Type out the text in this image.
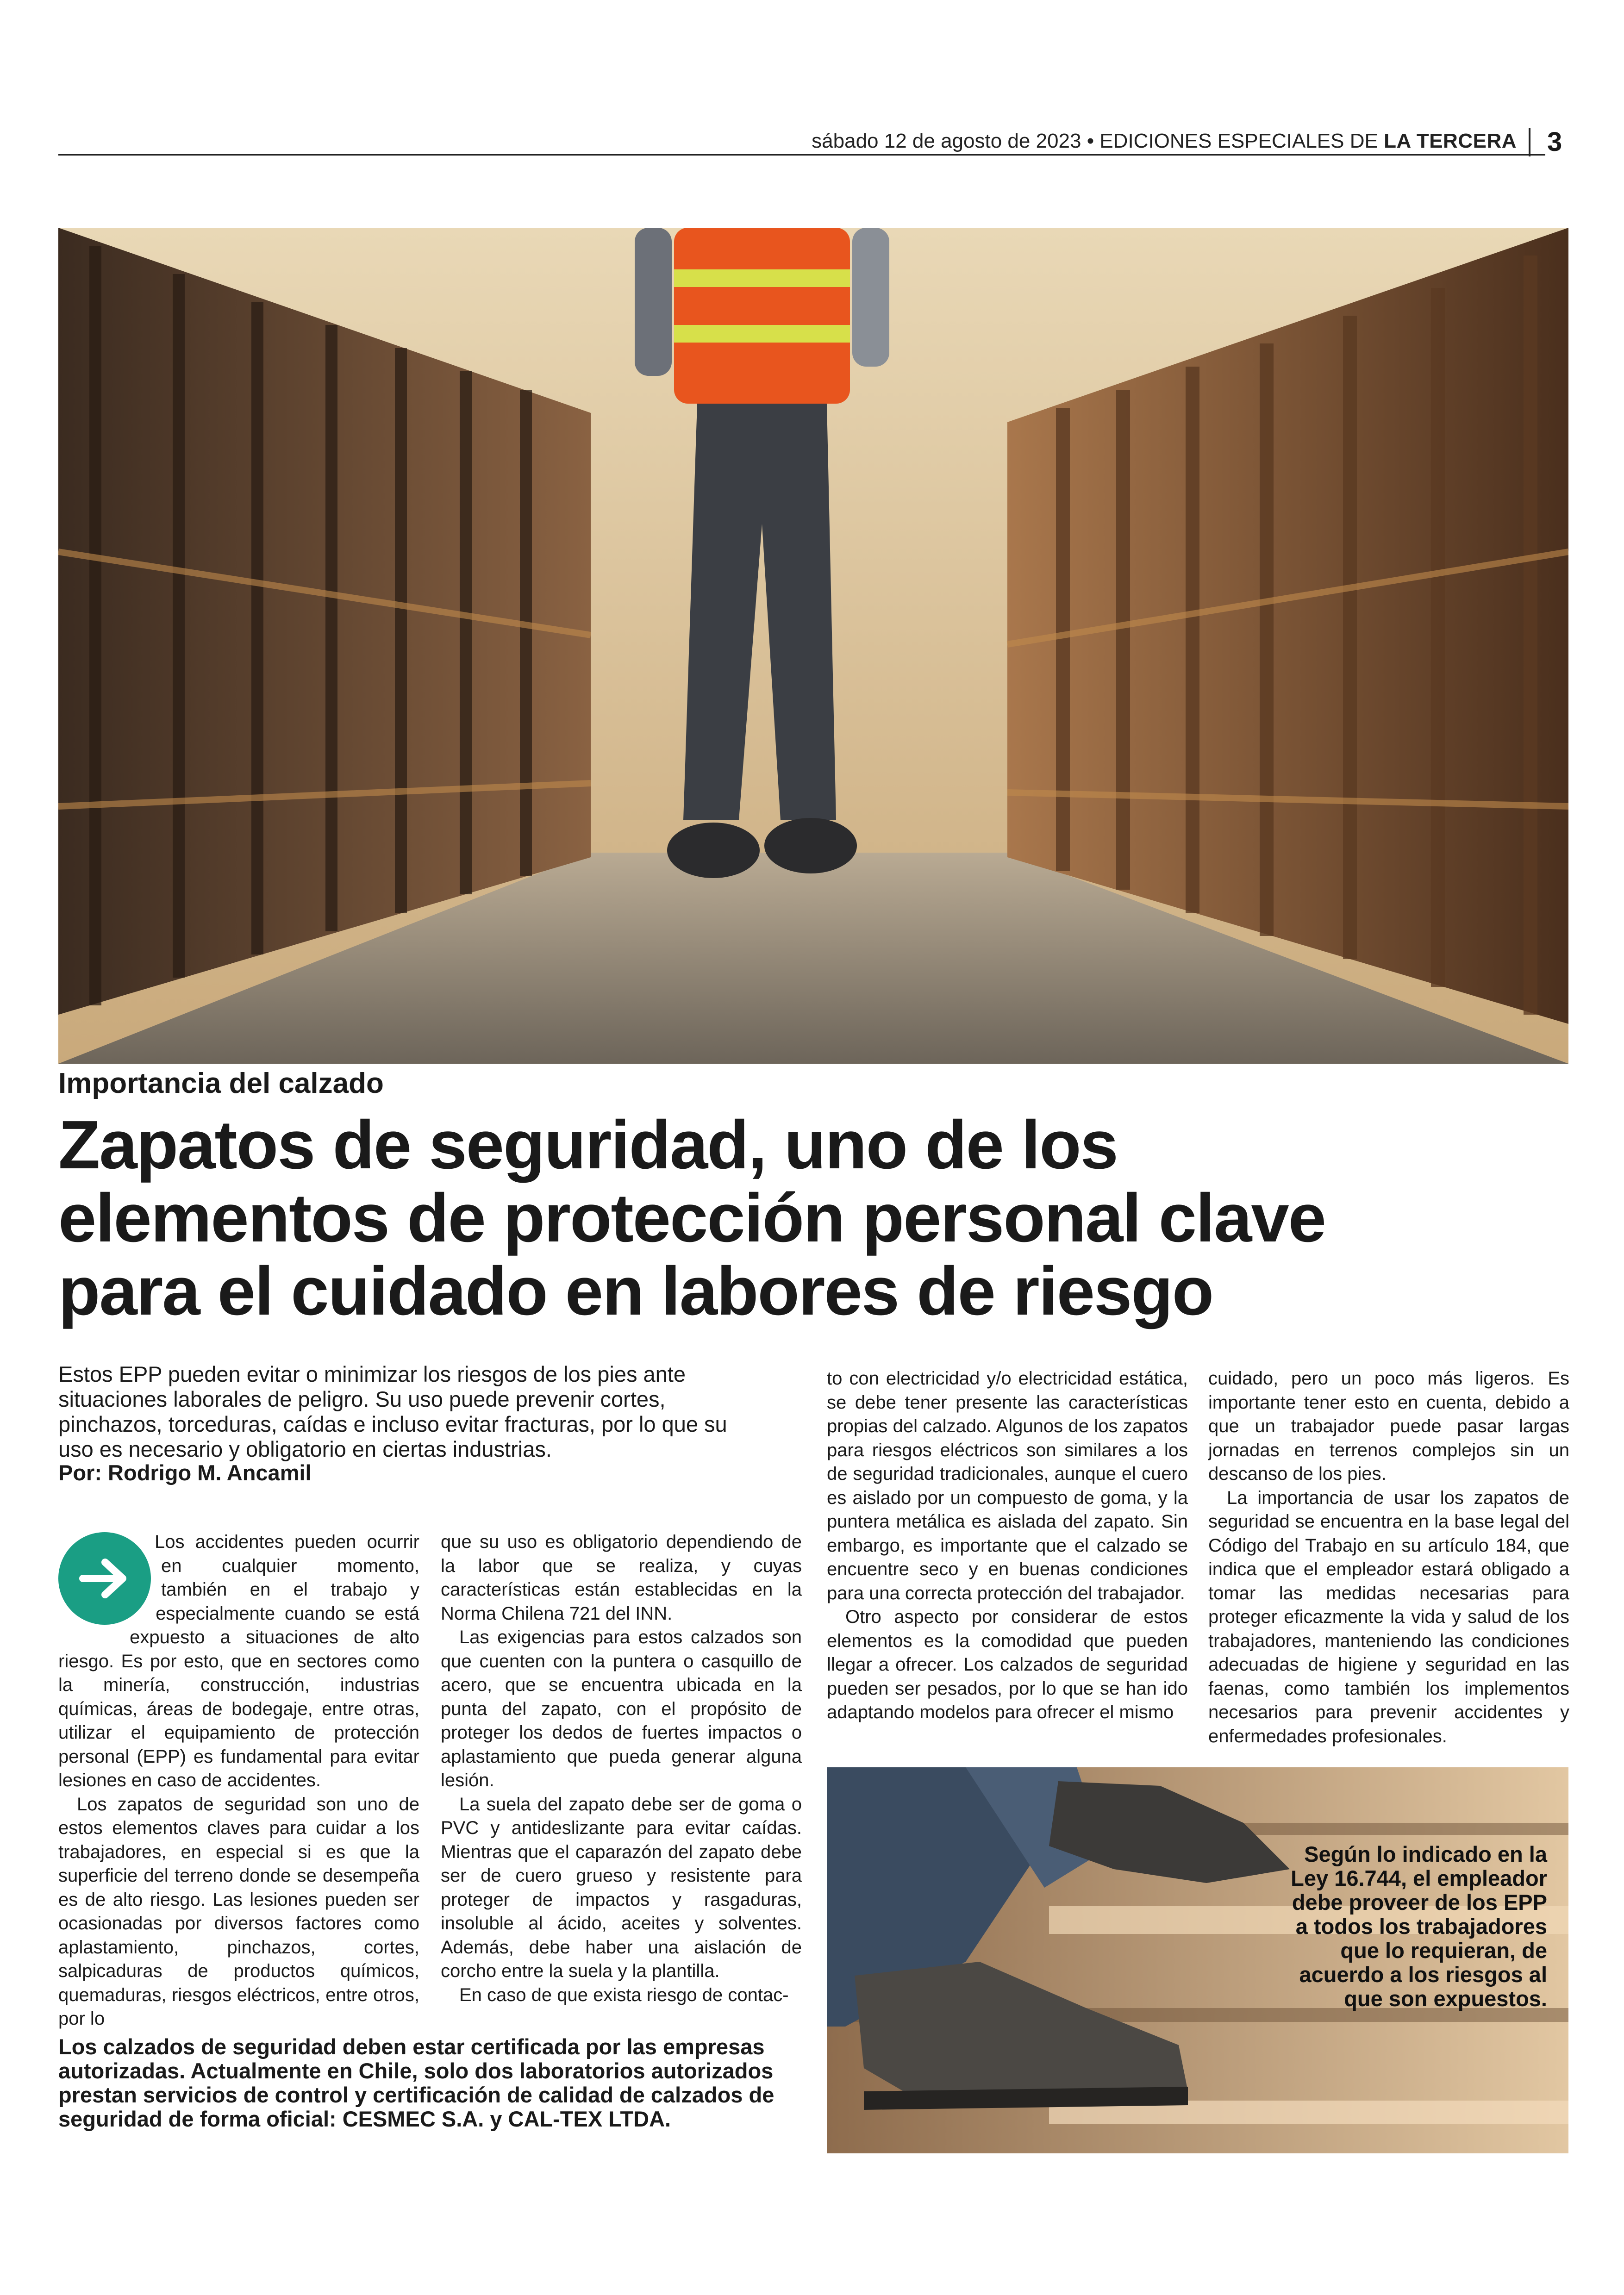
sábado 12 de agosto de 2023 • EDICIONES ESPECIALES DE LA TERCERA 3
Importancia del calzado
Zapatos de seguridad, uno de los
elementos de protección personal clave
para el cuidado en labores de riesgo
Estos EPP pueden evitar o minimizar los riesgos de los pies ante situaciones laborales de peligro. Su uso puede prevenir cortes, pinchazos, torceduras, caídas e incluso evitar fracturas, por lo que su uso es necesario y obligatorio en ciertas industrias.
Por: Rodrigo M. Ancamil

Los accidentes pueden ocurrir en cualquier momento, también en el trabajo y especialmente cuando se está expuesto a situaciones de alto riesgo. Es por esto, que en sectores como la minería, construcción, industrias químicas, áreas de bodegaje, entre otras, utilizar el equipamiento de protección personal (EPP) es fundamental para evitar lesiones en caso de accidentes.

Los zapatos de seguridad son uno de estos elementos claves para cuidar a los trabajadores, en especial si es que la superficie del terreno donde se desempeña es de alto riesgo. Las lesiones pueden ser ocasionadas por diversos factores como aplastamiento, pinchazos, cortes, salpicaduras de productos químicos, quemaduras, riesgos eléctricos, entre otros, por lo

que su uso es obligatorio dependiendo de la labor que se realiza, y cuyas características están establecidas en la Norma Chilena 721 del INN.

Las exigencias para estos calzados son que cuenten con la puntera o casquillo de acero, que se encuentra ubicada en la punta del zapato, con el propósito de proteger los dedos de fuertes impactos o aplastamiento que pueda generar alguna lesión.

La suela del zapato debe ser de goma o PVC y antideslizante para evitar caídas. Mientras que el caparazón del zapato debe ser de cuero grueso y resistente para proteger de impactos y rasgaduras, insoluble al ácido, aceites y solventes. Además, debe haber una aislación de corcho entre la suela y la plantilla.

En caso de que exista riesgo de contac-

to con electricidad y/o electricidad estática, se debe tener presente las características propias del calzado. Algunos de los zapatos para riesgos eléctricos son similares a los de seguridad tradicionales, aunque el cuero es aislado por un compuesto de goma, y la puntera metálica es aislada del zapato. Sin embargo, es importante que el calzado se encuentre seco y en buenas condiciones para una correcta protección del trabajador.

Otro aspecto por considerar de estos elementos es la comodidad que pueden llegar a ofrecer. Los calzados de seguridad pueden ser pesados, por lo que se han ido adaptando modelos para ofrecer el mismo

cuidado, pero un poco más ligeros. Es importante tener esto en cuenta, debido a que un trabajador puede pasar largas jornadas en terrenos complejos sin un descanso de los pies.

La importancia de usar los zapatos de seguridad se encuentra en la base legal del Código del Trabajo en su artículo 184, que indica que el empleador estará obligado a tomar las medidas necesarias para proteger eficazmente la vida y salud de los trabajadores, manteniendo las condiciones adecuadas de higiene y seguridad en las faenas, como también los implementos necesarios para prevenir accidentes y enfermedades profesionales.

Los calzados de seguridad deben estar certificada por las empresas autorizadas. Actualmente en Chile, solo dos laboratorios autorizados prestan servicios de control y certificación de calidad de calzados de seguridad de forma oficial: CESMEC S.A. y CAL-TEX LTDA.
Según lo indicado en la Ley 16.744, el empleador debe proveer de los EPP a todos los trabajadores que lo requieran, de acuerdo a los riesgos al que son expuestos.
